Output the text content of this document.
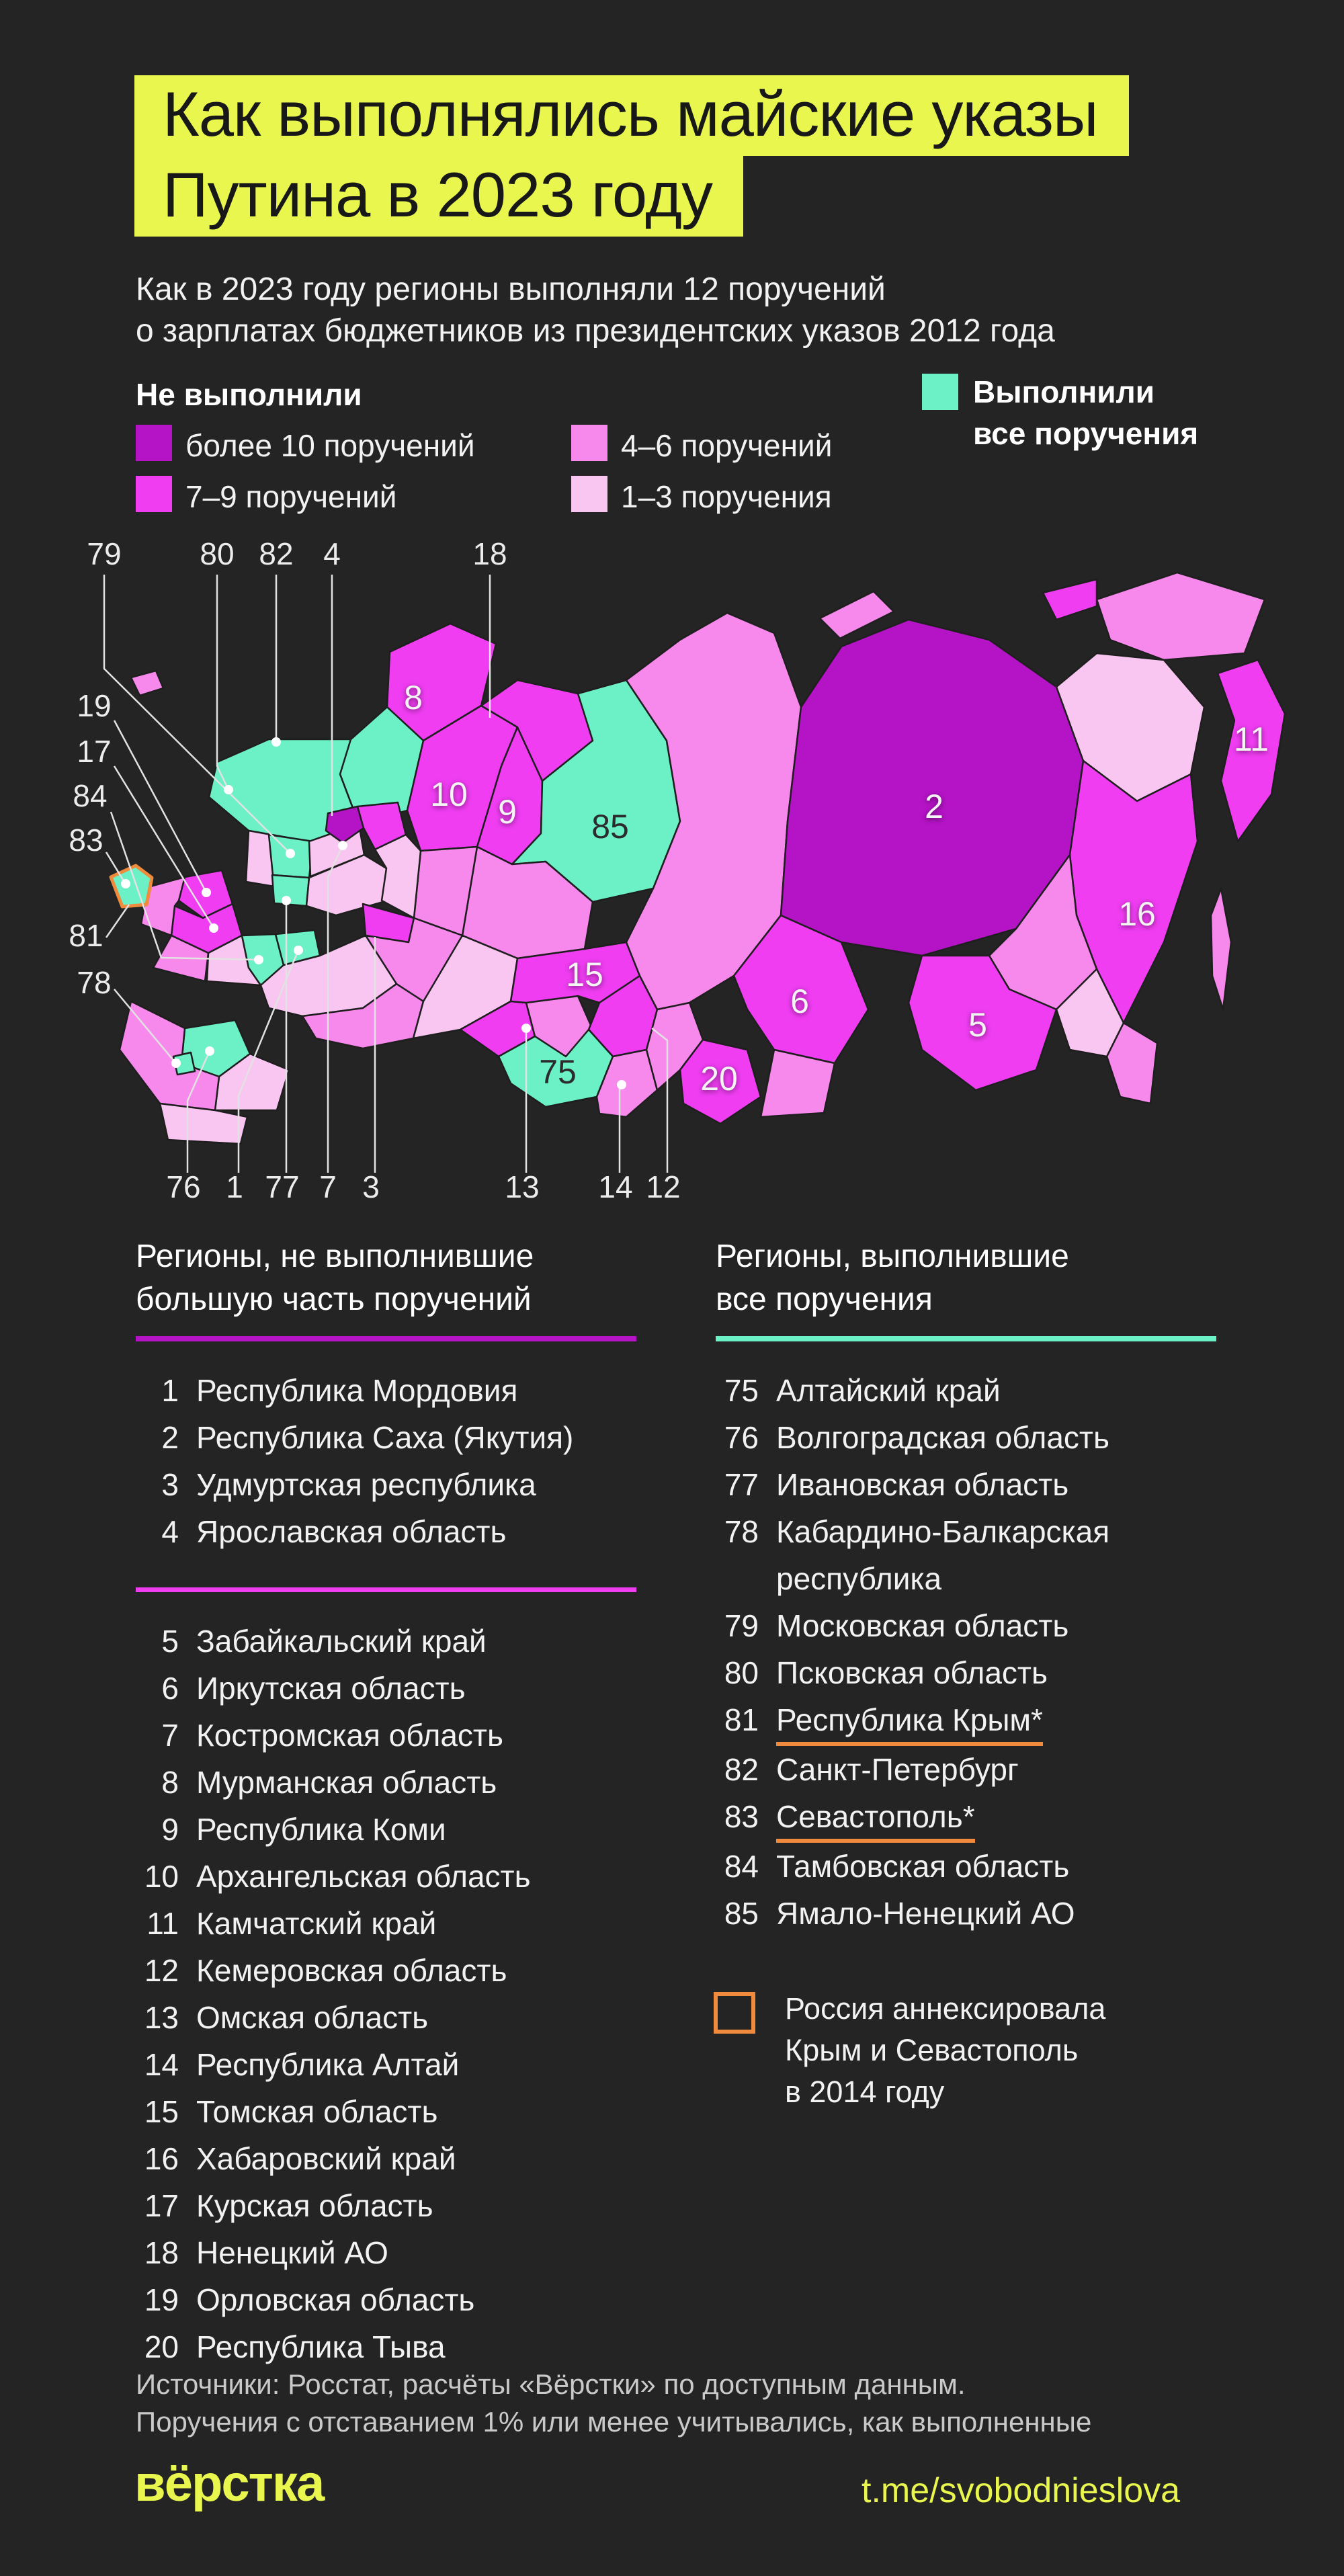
Как выполнялись майские указы
Путина в 2023 году
Как в 2023 году регионы выполняли 12 поручений
о зарплатах бюджетников из президентских указов 2012 года
Не выполнили
более 10 поручений
7–9 поручений
4–6 поручений
1–3 поручения
Выполнили
все поручения
8
10 9 85
2
11
16
6
5
15
75	20
79	80 82 4	18
19
17
84
83
81
78
76 1 77 7 3	13 14 12
Регионы, не выполнившие
большую часть поручений
1 Республика Мордовия
2 Республика Саха (Якутия)
3 Удмуртская республика
4 Ярославская область
5 Забайкальский край
6 Иркутская область
7 Костромская область
8 Мурманская область
9 Республика Коми
10 Архангельская область
11 Камчатский край
12 Кемеровская область
13 Омская область
14 Республика Алтай
15 Томская область
16 Хабаровский край
17 Курская область
18 Ненецкий АО
19 Орловская область
20 Республика Тыва
Регионы, выполнившие
все поручения
75 Алтайский край
76 Волгоградская область
77 Ивановская область
78 Кабардино-Балкарская республика
79 Московская область
80 Псковская область
81 Республика Крым*
82 Санкт-Петербург
83 Севастополь*
84 Тамбовская область
85 Ямало-Ненецкий АО
Россия аннексировала
Крым и Севастополь
в 2014 году
Источники: Росстат, расчёты «Вёрстки» по доступным данным.
Поручения с отставанием 1% или менее учитывались, как выполненные
вёрстка	t.me/svobodnieslova
